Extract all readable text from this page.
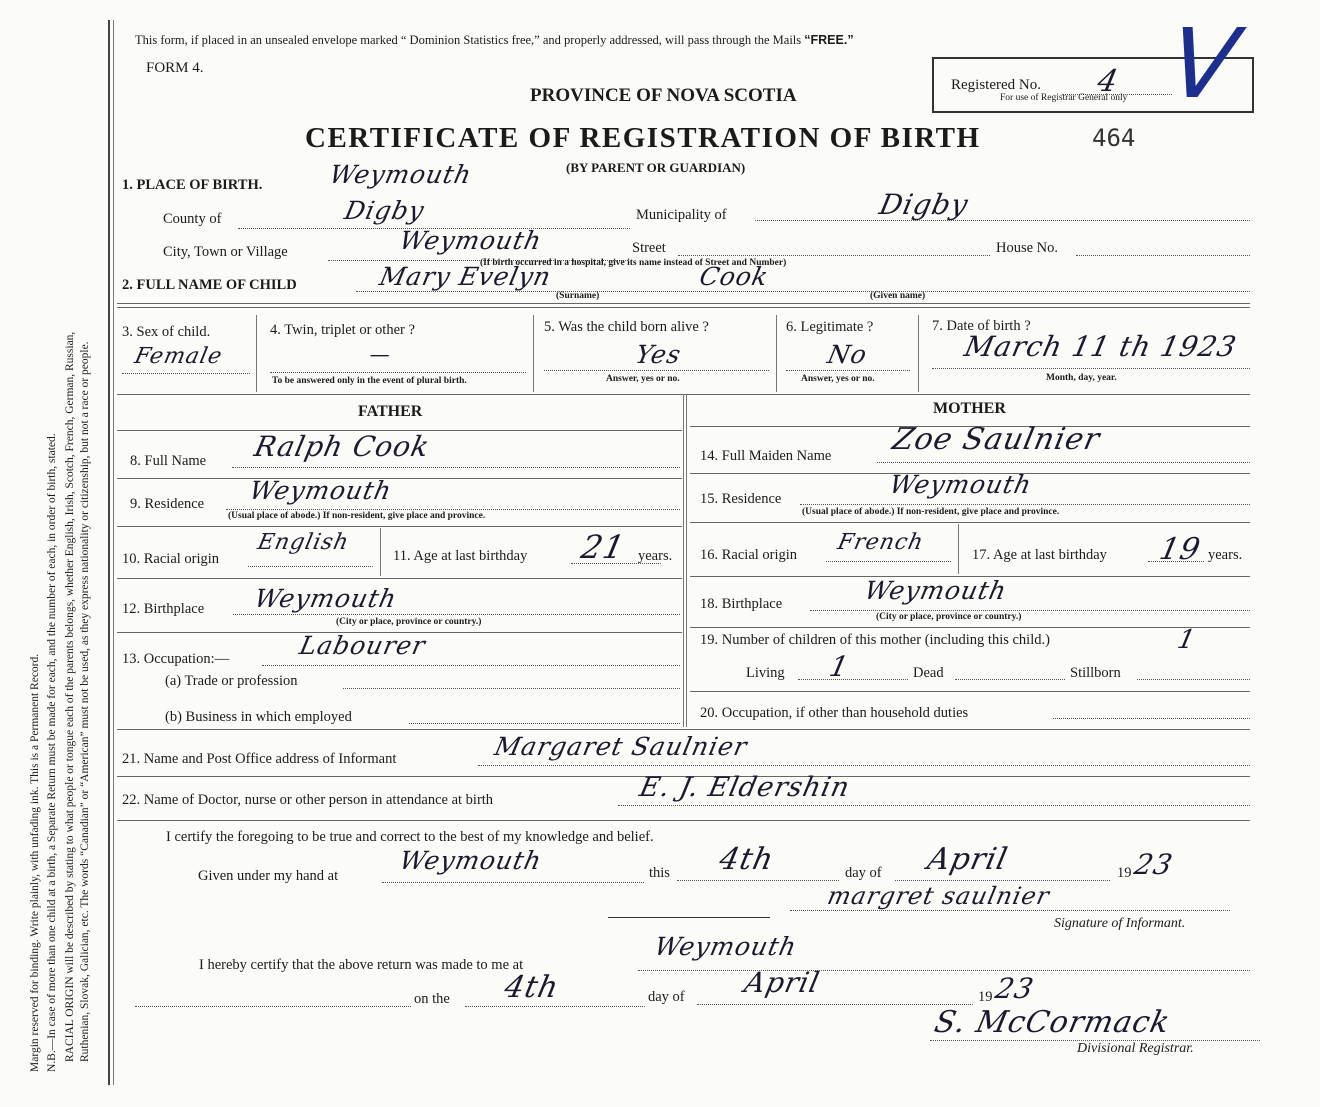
Margin reserved for binding. Write plainly, with unfading ink. This is a Permanent Record. N.B.—In case of more than one child at a birth, a Separate Return must be made for each, and the number of each, in order of birth, stated. RACIAL ORIGIN will be described by stating to what people or tongue each of the parents belongs, whether English, Irish, Scotch, French, German, Russian, Ruthenian, Slovak, Galician, etc. The words “Canadian” or “American” must not be used, as they express nationality or citizenship, but not a race or people.
This form, if placed in an unsealed envelope marked “ Dominion Statistics free,” and properly addressed, will pass through the Mails “FREE.”
FORM 4.
PROVINCE OF NOVA SCOTIA	Registered No. 4
For use of Registrar General only V
CERTIFICATE OF REGISTRATION OF BIRTH	464
(BY PARENT OR GUARDIAN)
1. PLACE OF BIRTH.	Weymouth
County of	Digby	Municipality of	Digby
City, Town or Village	Weymouth	Street	House No.
(If birth occurred in a hospital, give its name instead of Street and Number)
2. FULL NAME OF CHILD	Mary Evelyn	Cook
(Surname)	(Given name)
3. Sex of child.
Female
4. Twin, triplet or other ?
—
To be answered only in the event of plural birth.
5. Was the child born alive ?
Yes
Answer, yes or no.
6. Legitimate ?
No
Answer, yes or no.
7. Date of birth ?
March 11 th 1923
Month, day, year.
FATHER	MOTHER
8. Full Name Ralph Cook
9. Residence Weymouth
(Usual place of abode.) If non-resident, give place and province.
10. Racial origin
English
11. Age at last birthday 21 years.
12. Birthplace Weymouth
(City or place, province or country.)
13. Occupation:—	Labourer
(a) Trade or profession
(b) Business in which employed
14. Full Maiden Name Zoe Saulnier
15. Residence	Weymouth
(Usual place of abode.) If non-resident, give place and province.
16. Racial origin French	17. Age at last birthday 19 years.
18. Birthplace	Weymouth
(City or place, province or country.)
19. Number of children of this mother (including this child.)	1
Living 1	Dead	Stillborn
20. Occupation, if other than household duties
21. Name and Post Office address of Informant	Margaret Saulnier
22. Name of Doctor, nurse or other person in attendance at birth	E. J. Eldershin
I certify the foregoing to be true and correct to the best of my knowledge and belief.
Given under my hand at
Weymouth	this 4th	day of April	19 23
margret saulnier
Signature of Informant.
I hereby certify that the above return was made to me at
Weymouth
on the 4th	day of April	19 23
S. McCormack
Divisional Registrar.
